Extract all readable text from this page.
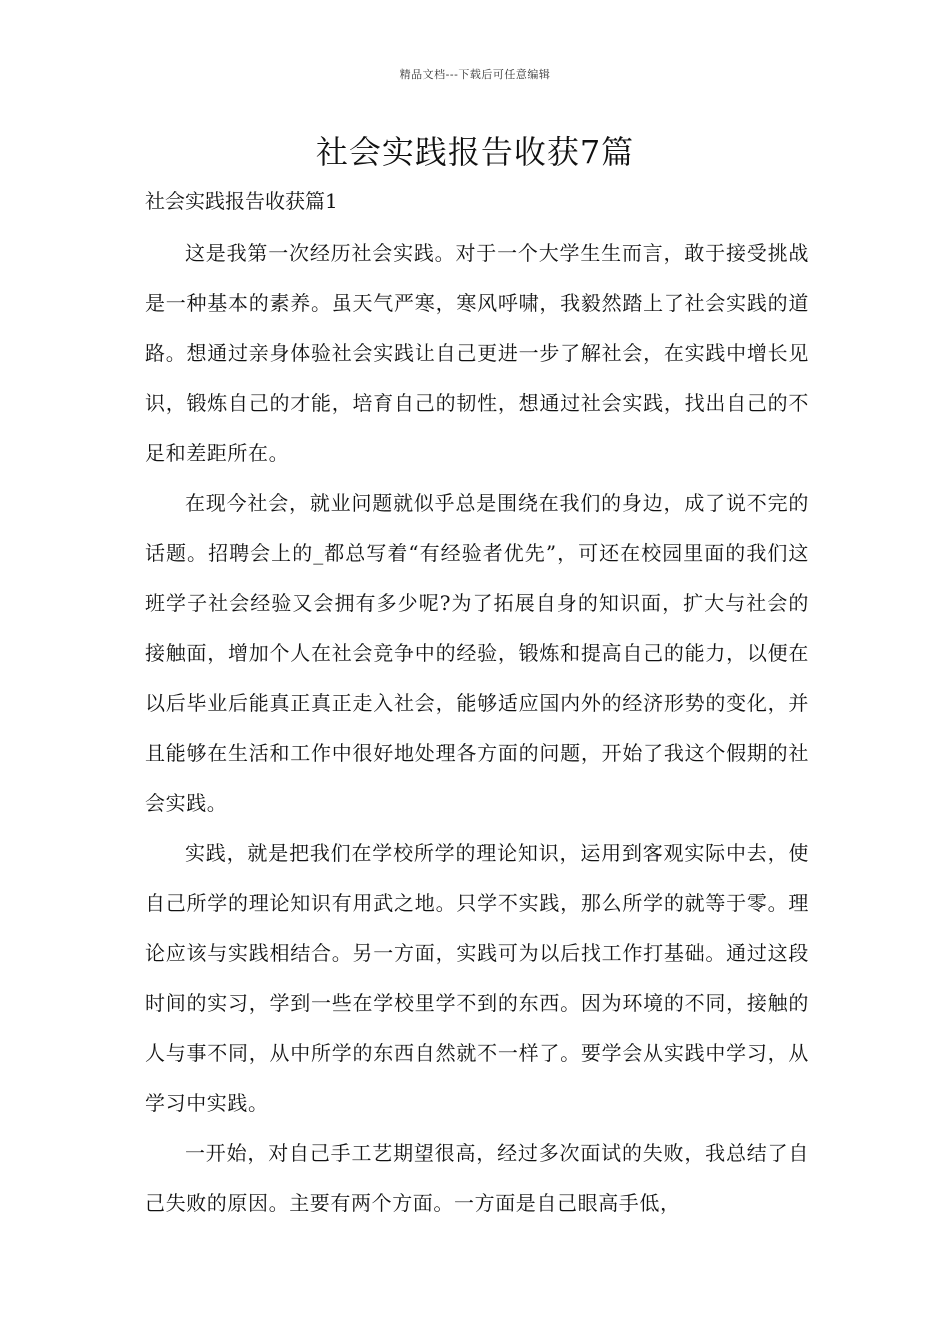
精品文档---下载后可任意编辑
社会实践报告收获7篇
社会实践报告收获篇1

这是我第一次经历社会实践。对于一个大学生生而言，敢于接受挑战是一种基本的素养。虽天气严寒，寒风呼啸，我毅然踏上了社会实践的道路。想通过亲身体验社会实践让自己更进一步了解社会，在实践中增长见识，锻炼自己的才能，培育自己的韧性，想通过社会实践，找出自己的不足和差距所在。

在现今社会，就业问题就似乎总是围绕在我们的身边，成了说不完的话题。招聘会上的_都总写着“有经验者优先”，可还在校园里面的我们这班学子社会经验又会拥有多少呢?为了拓展自身的知识面，扩大与社会的接触面，增加个人在社会竞争中的经验，锻炼和提高自己的能力，以便在以后毕业后能真正真正走入社会，能够适应国内外的经济形势的变化，并且能够在生活和工作中很好地处理各方面的问题，开始了我这个假期的社会实践。

实践，就是把我们在学校所学的理论知识，运用到客观实际中去，使自己所学的理论知识有用武之地。只学不实践，那么所学的就等于零。理论应该与实践相结合。另一方面，实践可为以后找工作打基础。通过这段时间的实习，学到一些在学校里学不到的东西。因为环境的不同，接触的人与事不同，从中所学的东西自然就不一样了。要学会从实践中学习，从学习中实践。

一开始，对自己手工艺期望很高，经过多次面试的失败，我总结了自己失败的原因。主要有两个方面。一方面是自己眼高手低，
